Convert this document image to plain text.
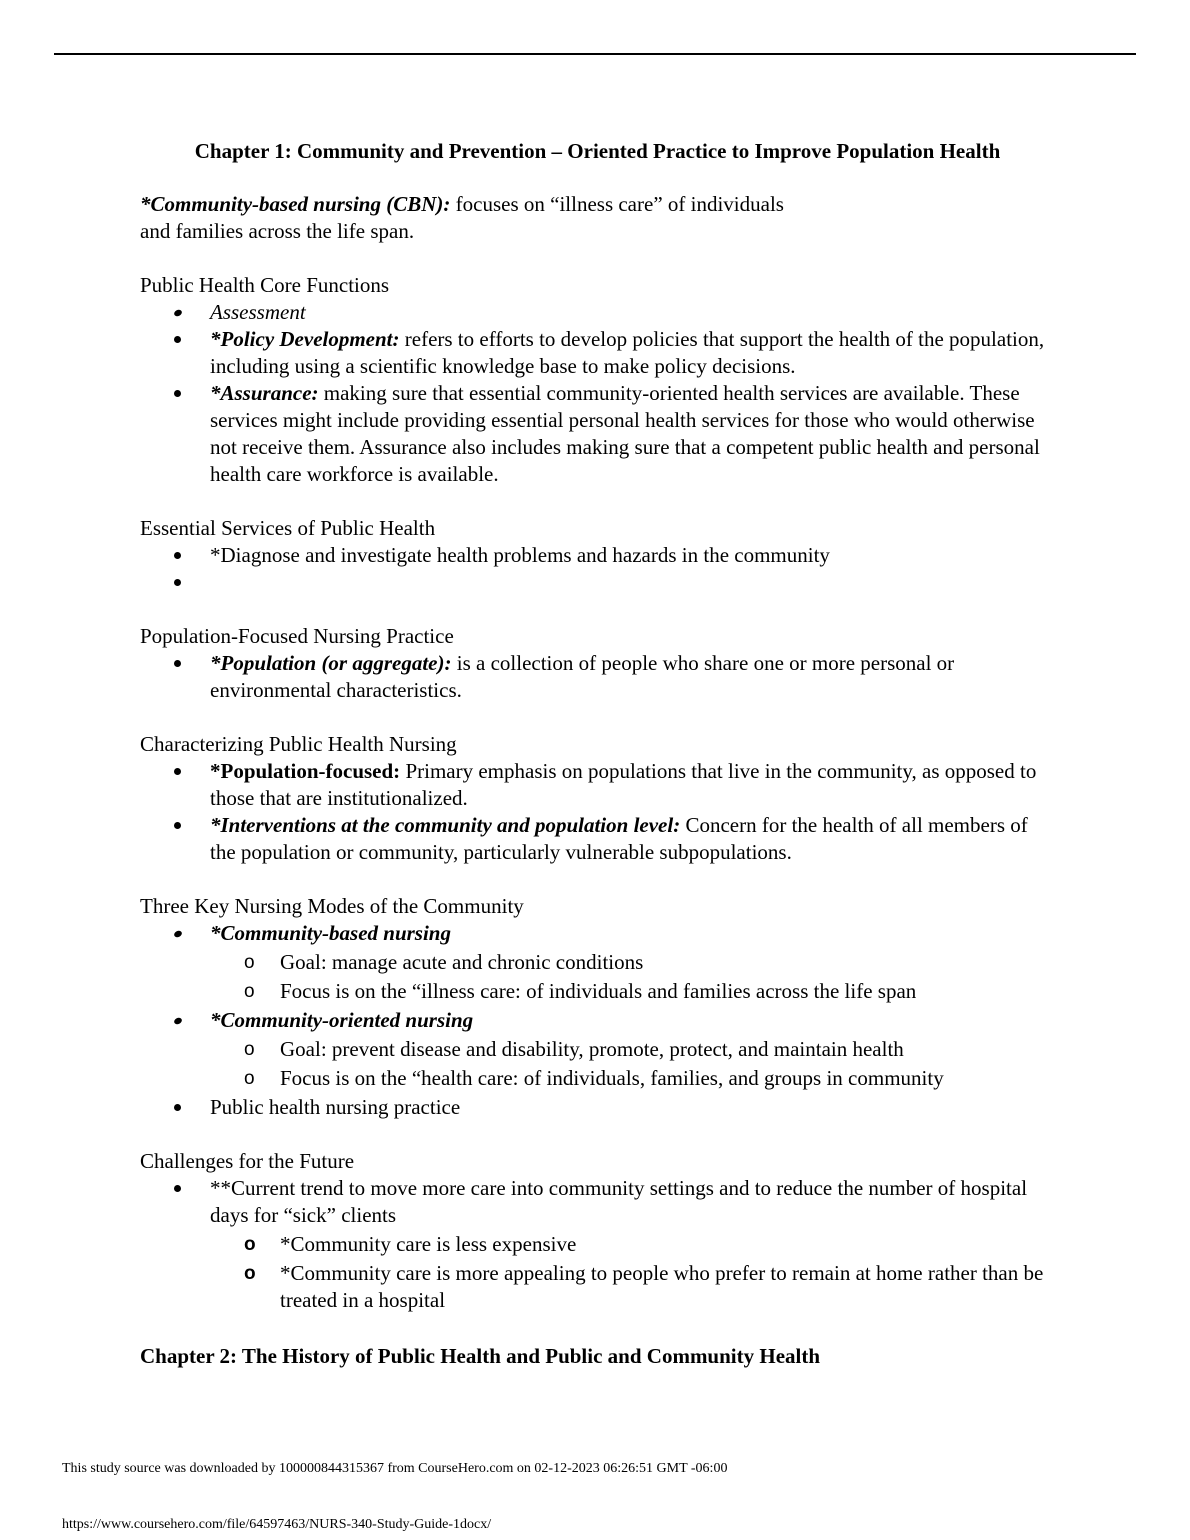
Chapter 1: Community and Prevention – Oriented Practice to Improve Population Health

*Community-based nursing (CBN): focuses on “illness care” of individuals
and families across the life span.

Public Health Core Functions

Assessment
*Policy Development: refers to efforts to develop policies that support the health of the population, including using a scientific knowledge base to make policy decisions.
*Assurance: making sure that essential community-oriented health services are available. These services might include providing essential personal health services for those who would otherwise not receive them. Assurance also includes making sure that a competent public health and personal health care workforce is available.

Essential Services of Public Health

*Diagnose and investigate health problems and hazards in the community

Population-Focused Nursing Practice

*Population (or aggregate): is a collection of people who share one or more personal or environmental characteristics.

Characterizing Public Health Nursing

*Population-focused: Primary emphasis on populations that live in the community, as opposed to those that are institutionalized.
*Interventions at the community and population level: Concern for the health of all members of the population or community, particularly vulnerable subpopulations.

Three Key Nursing Modes of the Community

*Community-based nursing
o Goal: manage acute and chronic conditions
o Focus is on the “illness care: of individuals and families across the life span
*Community-oriented nursing
o Goal: prevent disease and disability, promote, protect, and maintain health
o Focus is on the “health care: of individuals, families, and groups in community
Public health nursing practice

Challenges for the Future

**Current trend to move more care into community settings and to reduce the number of hospital days for “sick” clients
o *Community care is less expensive
o *Community care is more appealing to people who prefer to remain at home rather than be treated in a hospital

Chapter 2: The History of Public Health and Public and Community Health

This study source was downloaded by 100000844315367 from CourseHero.com on 02-12-2023 06:26:51 GMT -06:00
https://www.coursehero.com/file/64597463/NURS-340-Study-Guide-1docx/
